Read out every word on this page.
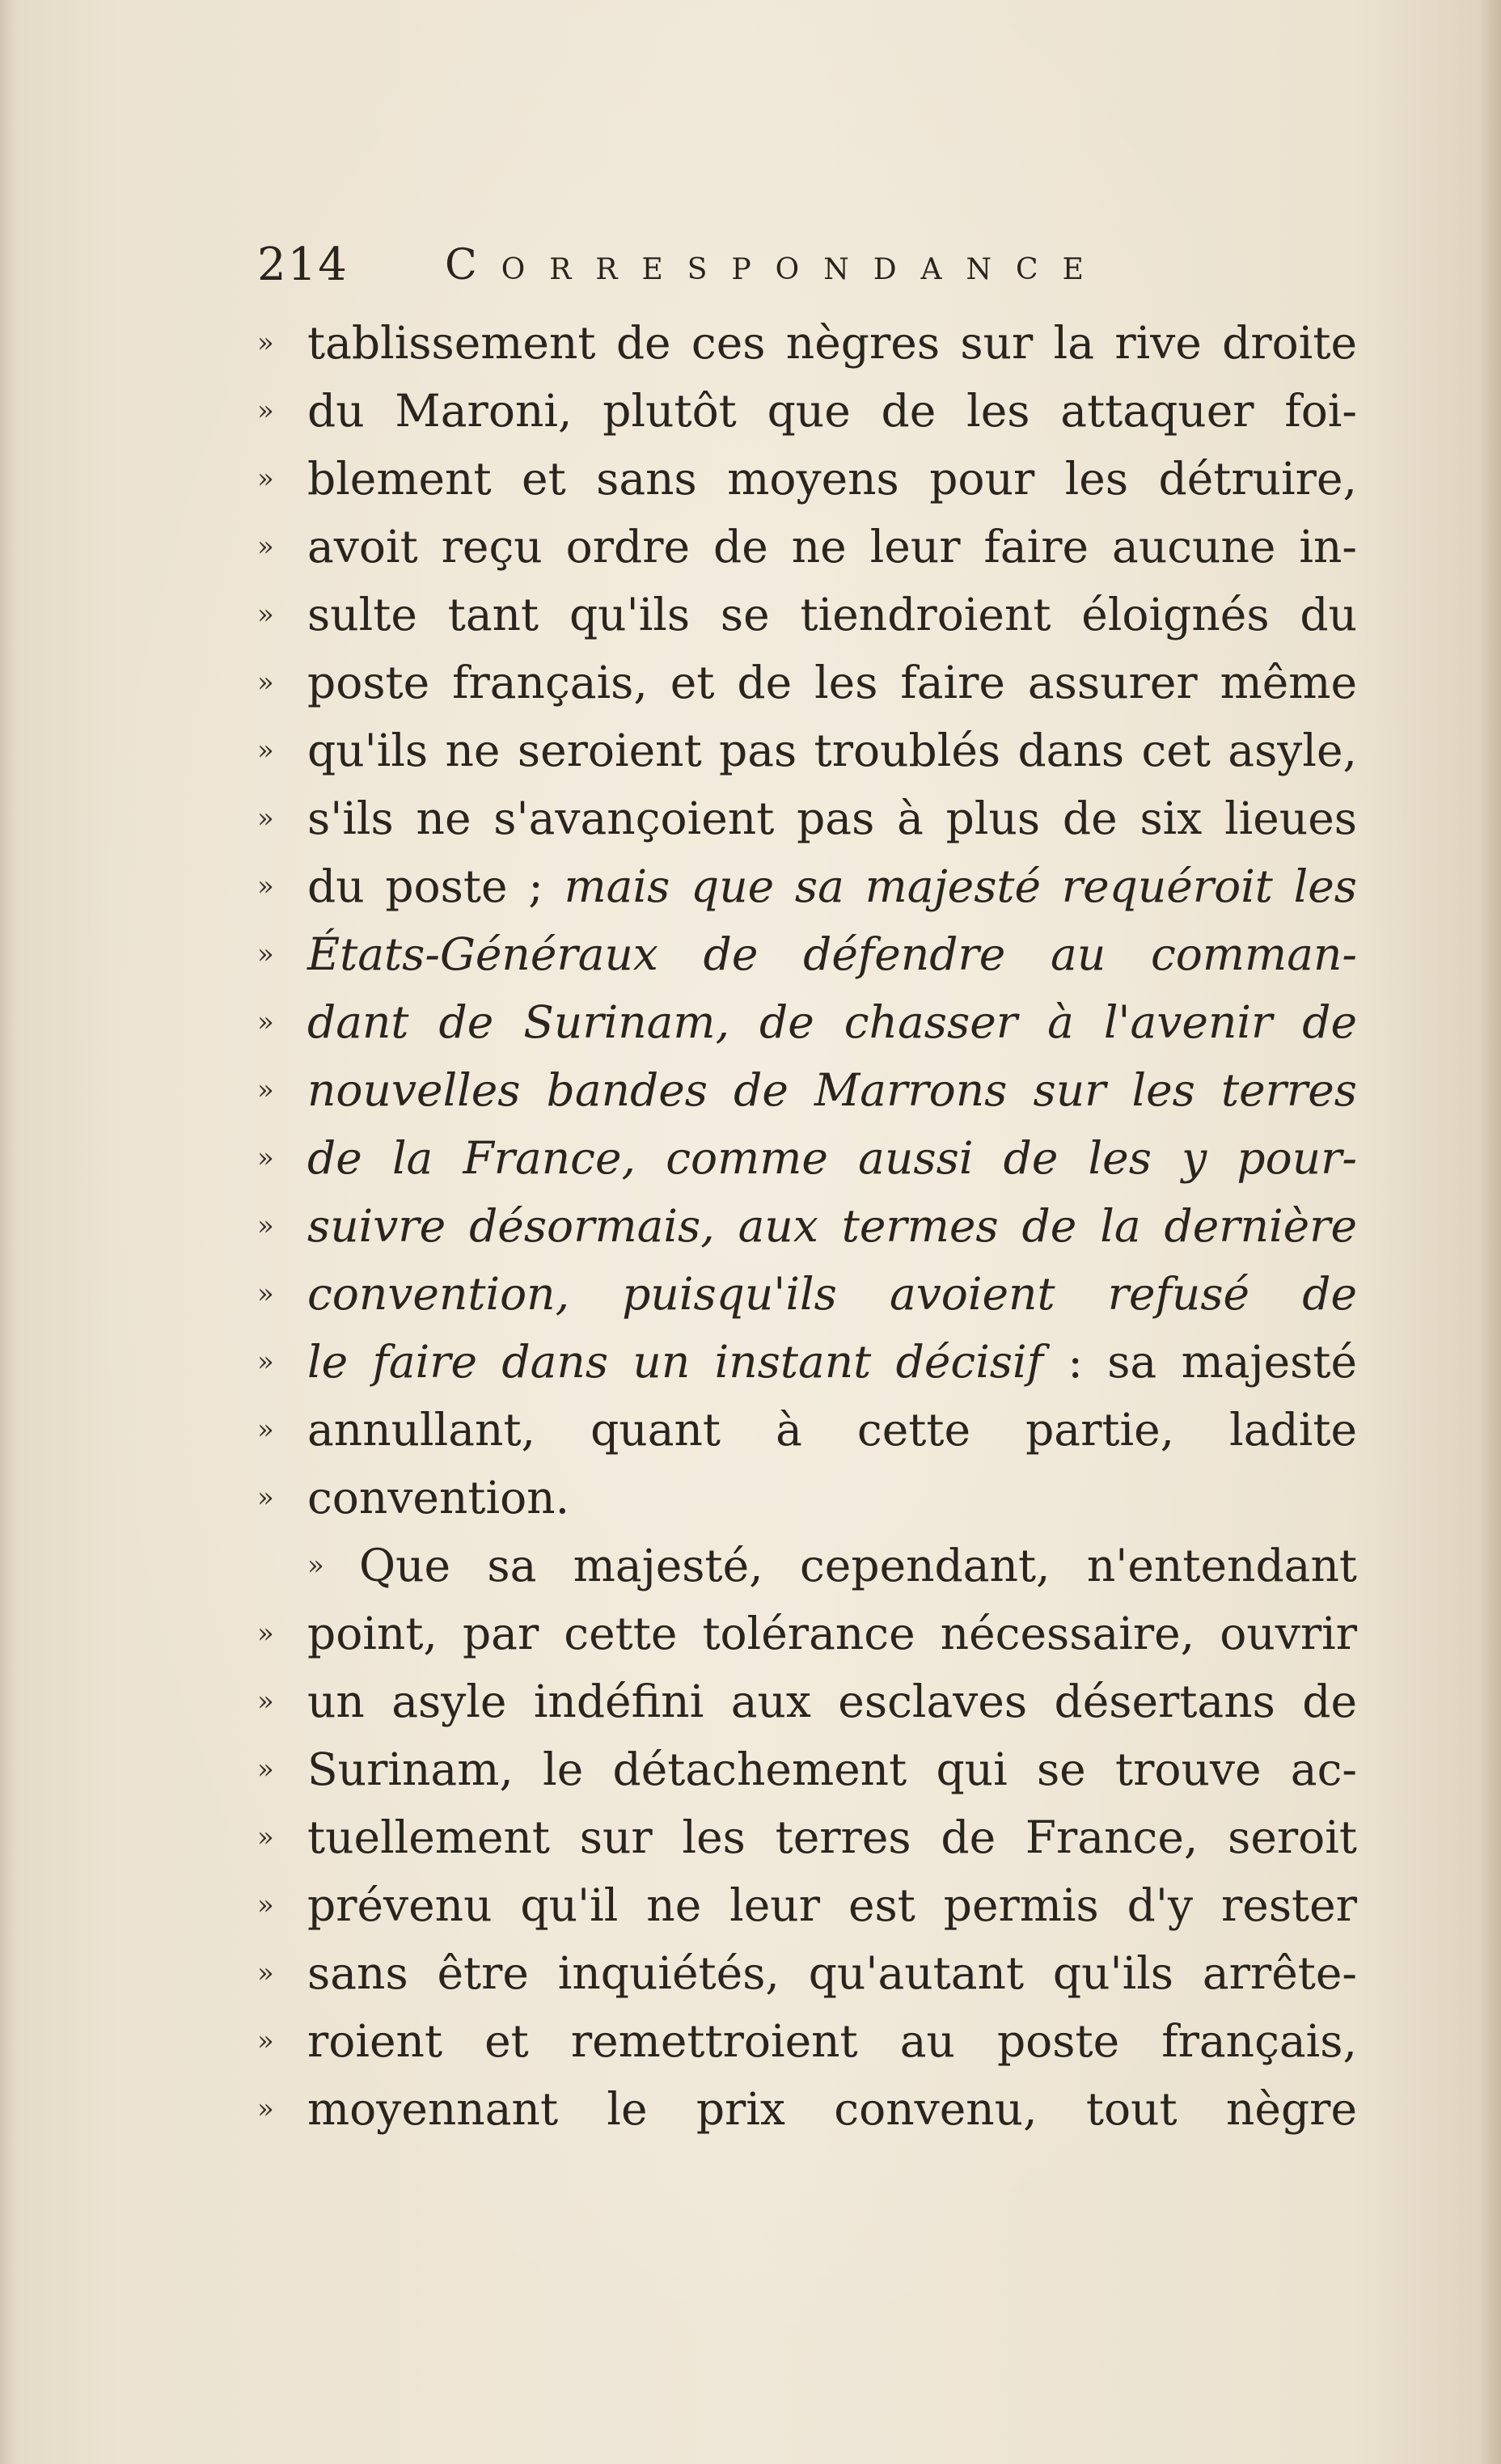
214 Correspondance
» tablissement de ces nègres sur la rive droite
» du Maroni, plutôt que de les attaquer foi-
» blement et sans moyens pour les détruire,
» avoit reçu ordre de ne leur faire aucune in-
» sulte tant qu'ils se tiendroient éloignés du
» poste français, et de les faire assurer même
» qu'ils ne seroient pas troublés dans cet asyle,
» s'ils ne s'avançoient pas à plus de six lieues
» du poste ; mais que sa majesté requéroit les
» États-Généraux de défendre au comman-
» dant de Surinam, de chasser à l'avenir de
» nouvelles bandes de Marrons sur les terres
» de la France, comme aussi de les y pour-
» suivre désormais, aux termes de la dernière
» convention, puisqu'ils avoient refusé de
» le faire dans un instant décisif : sa majesté
» annullant, quant à cette partie, ladite
» convention.
» Que sa majesté, cependant, n'entendant
» point, par cette tolérance nécessaire, ouvrir
» un asyle indéfini aux esclaves désertans de
» Surinam, le détachement qui se trouve ac-
» tuellement sur les terres de France, seroit
» prévenu qu'il ne leur est permis d'y rester
» sans être inquiétés, qu'autant qu'ils arrête-
» roient et remettroient au poste français,
» moyennant le prix convenu, tout nègre
